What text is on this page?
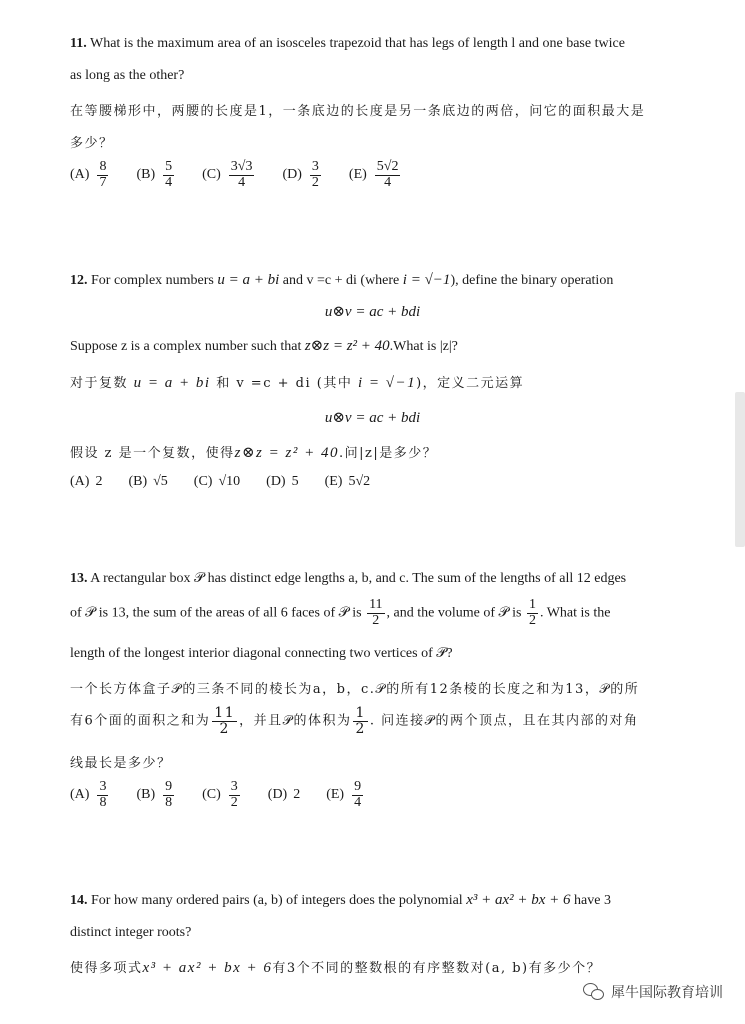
11. What is the maximum area of an isosceles trapezoid that has legs of length l and one base twice
as long as the other?
在等腰梯形中，两腰的长度是1，一条底边的长度是另一条底边的两倍，问它的面积最大是
多少？
$(A) \frac{8}{7} (B) \frac{5}{4} (C) \frac{3√3}{4} (D) \frac{3}{2} (E) \frac{5√2}{4}$
12. For complex numbers u = a + bi and v =c + di (where i = √−1), define the binary operation
u⊗v = ac + bdi
Suppose z is a complex number such that z⊗z = z² + 40.What is |z|?
对于复数 u = a + bi 和 v =c + di (其中 i = √−1)，定义二元运算
u⊗v = ac + bdi
假设 z 是一个复数，使得z⊗z = z² + 40.问|z|是多少？
(A) 2 (B) √5 (C) √10 (D) 5 (E) 5√2
13. A rectangular box 𝒫 has distinct edge lengths a, b, and c. The sum of the lengths of all 12 edges
of 𝒫 is 13, the sum of the areas of all 6 faces of 𝒫 is $\frac{11}{2}$ , and the volume of 𝒫 is $\frac{1}{2}$ . What is the
length of the longest interior diagonal connecting two vertices of 𝒫?
一个长方体盒子𝒫的三条不同的棱长为a，b，c.𝒫的所有12条棱的长度之和为13，𝒫的所
有6个面的面积之和为 $\frac{11}{2}$ ，并且𝒫的体积为 $\frac{1}{2}$ . 问连接𝒫的两个顶点，且在其内部的对角
线最长是多少？
$(A) \frac{3}{8} (B) \frac{9}{8} (C) \frac{3}{2} (D)$ 2 $(E) \frac{9}{4}$
14. For how many ordered pairs (a, b) of integers does the polynomial x³ + ax² + bx + 6 have 3
distinct integer roots?
使得多项式x³ + ax² + bx + 6有3个不同的整数根的有序整数对(a, b)有多少个？
犀牛国际教育培训
